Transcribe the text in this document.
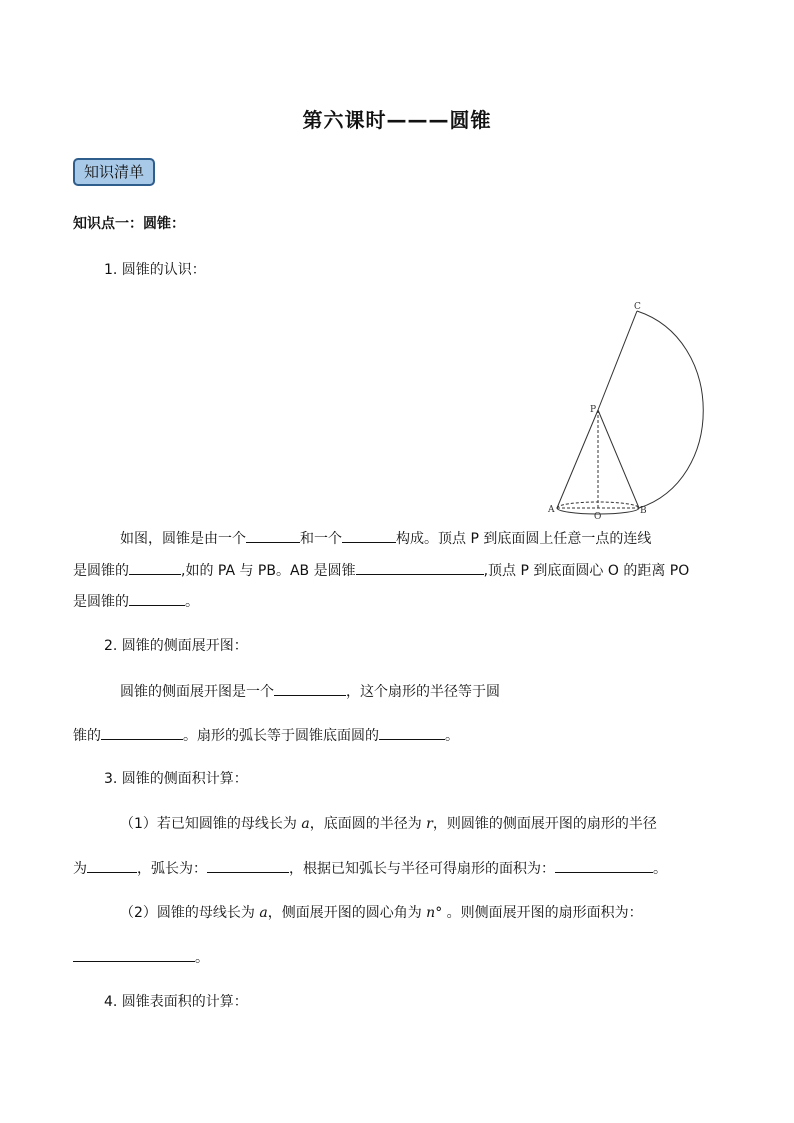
第六课时———圆锥
知识清单
知识点一：圆锥：
1. 圆锥的认识：
C
P
A
O
B
如图，圆锥是由一个	和一个	构成。顶点 P 到底面圆上任意一点的连线
是圆锥的	,如的 PA 与 PB。AB 是圆锥	,顶点 P 到底面圆心 O 的距离 PO
是圆锥的	。
2. 圆锥的侧面展开图：
圆锥的侧面展开图是一个	，这个扇形的半径等于圆
锥的	。扇形的弧长等于圆锥底面圆的	。
3. 圆锥的侧面积计算：
（1）若已知圆锥的母线长为 a，底面圆的半径为 r，则圆锥的侧面展开图的扇形的半径
为	，弧长为：	，根据已知弧长与半径可得扇形的面积为：	。
（2）圆锥的母线长为 a，侧面展开图的圆心角为 n° 。则侧面展开图的扇形面积为：
。
4. 圆锥表面积的计算：
